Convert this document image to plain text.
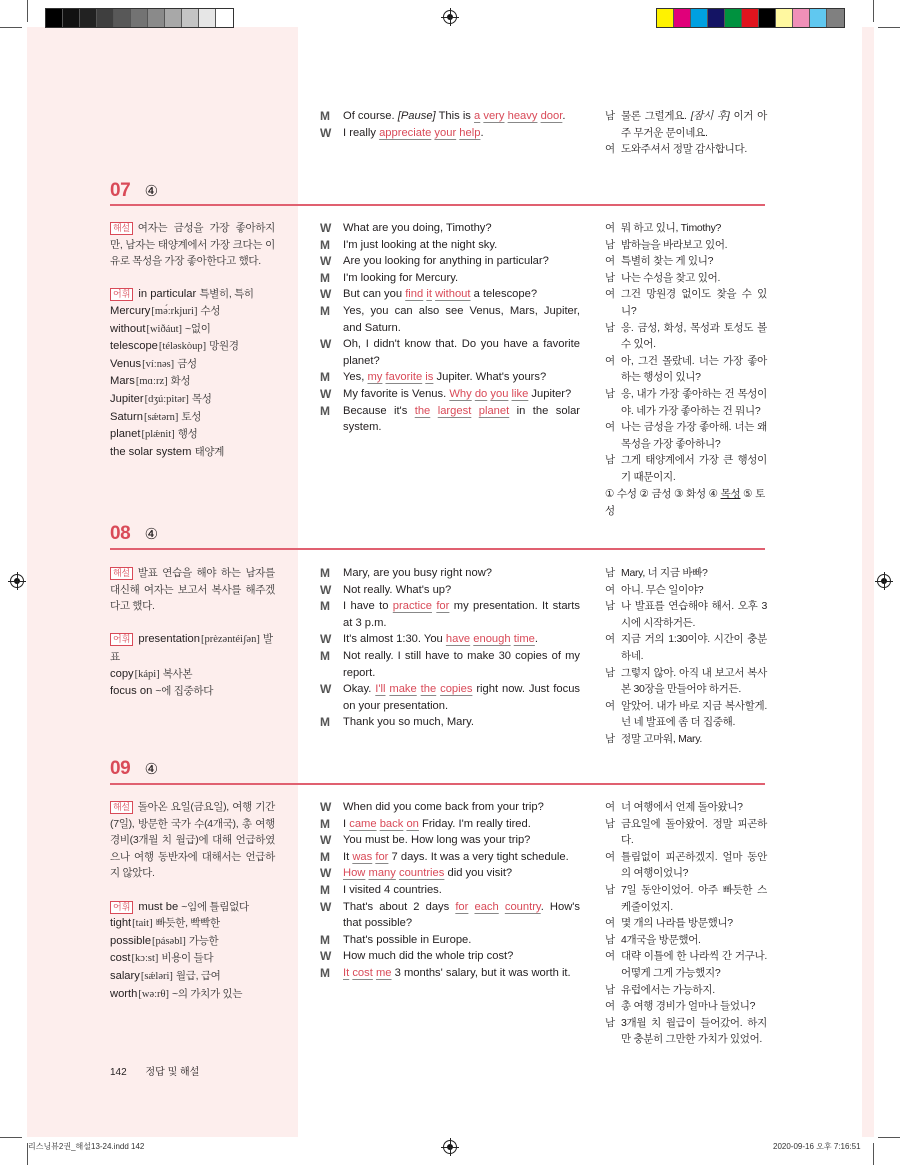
M	Of course. [Pause] This is a very heavy door.
W	I really appreciate your help.
남 물론 그럴게요. [잠시 후] 이거 아주 무거운 문이네요.
여 도와주셔서 정말 감사합니다.
07 ④
해설 여자는 금성을 가장 좋아하지만, 남자는 태양계에서 가장 크다는 이유로 목성을 가장 좋아한다고 했다.
어휘 in particular 특별히, 특히
Mercury[mə́ːrkjuri] 수성
without[wiðáut] ~없이
telescope[téləskòup] 망원경
Venus[víːnəs] 금성
Mars[mɑːrz] 화성
Jupiter[dʒúːpitər] 목성
Saturn[sǽtərn] 토성
planet[plǽnit] 행성
the solar system 태양계
W	What are you doing, Timothy?
M	I'm just looking at the night sky.
W	Are you looking for anything in particular?
M	I'm looking for Mercury.
W	But can you find it without a telescope?
M	Yes, you can also see Venus, Mars, Jupiter, and Saturn.
W	Oh, I didn't know that. Do you have a favorite planet?
M	Yes, my favorite is Jupiter. What's yours?
W	My favorite is Venus. Why do you like Jupiter?
M	Because it's the largest planet in the solar system.
여 뭐 하고 있니, Timothy?
남 밤하늘을 바라보고 있어.
여 특별히 찾는 게 있니?
남 나는 수성을 찾고 있어.
여 그건 망원경 없이도 찾을 수 있니?
남 응. 금성, 화성, 목성과 토성도 볼 수 있어.
여 아, 그건 몰랐네. 너는 가장 좋아하는 행성이 있니?
남 응, 내가 가장 좋아하는 건 목성이야. 네가 가장 좋아하는 건 뭐니?
여 나는 금성을 가장 좋아해. 너는 왜 목성을 가장 좋아하니?
남 그게 태양계에서 가장 큰 행성이기 때문이지.
① 수성 ② 금성 ③ 화성 ④ 목성 ⑤ 토성
08 ④
해설 발표 연습을 해야 하는 남자를 대신해 여자는 보고서 복사를 해주겠다고 했다.
어휘 presentation[prèzəntéiʃən] 발표
copy[kápi] 복사본
focus on ~에 집중하다
M	Mary, are you busy right now?
W	Not really. What's up?
M	I have to practice for my presentation. It starts at 3 p.m.
W	It's almost 1:30. You have enough time.
M	Not really. I still have to make 30 copies of my report.
W	Okay. I'll make the copies right now. Just focus on your presentation.
M	Thank you so much, Mary.
남 Mary, 너 지금 바빠?
여 아니. 무슨 일이야?
남 나 발표를 연습해야 해서. 오후 3시에 시작하거든.
여 지금 거의 1:30이야. 시간이 충분하네.
남 그렇지 않아. 아직 내 보고서 복사본 30장을 만들어야 하거든.
여 알았어. 내가 바로 지금 복사할게. 넌 네 발표에 좀 더 집중해.
남 정말 고마워, Mary.
09 ④
해설 돌아온 요일(금요일), 여행 기간(7일), 방문한 국가 수(4개국), 총 여행 경비(3개월 치 월급)에 대해 언급하였으나 여행 동반자에 대해서는 언급하지 않았다.
어휘 must be ~임에 틀림없다
tight[tait] 빠듯한, 빡빡한
possible[pásəbl] 가능한
cost[kɔːst] 비용이 들다
salary[sǽləri] 월급, 급여
worth[wəːrθ] ~의 가치가 있는
W	When did you come back from your trip?
M	I came back on Friday. I'm really tired.
W	You must be. How long was your trip?
M	It was for 7 days. It was a very tight schedule.
W	How many countries did you visit?
M	I visited 4 countries.
W	That's about 2 days for each country. How's that possible?
M	That's possible in Europe.
W	How much did the whole trip cost?
M	It cost me 3 months' salary, but it was worth it.
여 너 여행에서 언제 돌아왔니?
남 금요일에 돌아왔어. 정말 피곤하다.
여 틀림없이 피곤하겠지. 얼마 동안의 여행이었니?
남 7일 동안이었어. 아주 빠듯한 스케줄이었지.
여 몇 개의 나라를 방문했니?
남 4개국을 방문했어.
여 대략 이틀에 한 나라씩 간 거구나. 어떻게 그게 가능했지?
남 유럽에서는 가능하지.
여 총 여행 경비가 얼마나 들었니?
남 3개월 치 월급이 들어갔어. 하지만 충분히 그만한 가치가 있었어.
142 정답 및 해설
리스닝뷰2권_해설13-24.indd 142	2020-09-16 오후 7:16:51
